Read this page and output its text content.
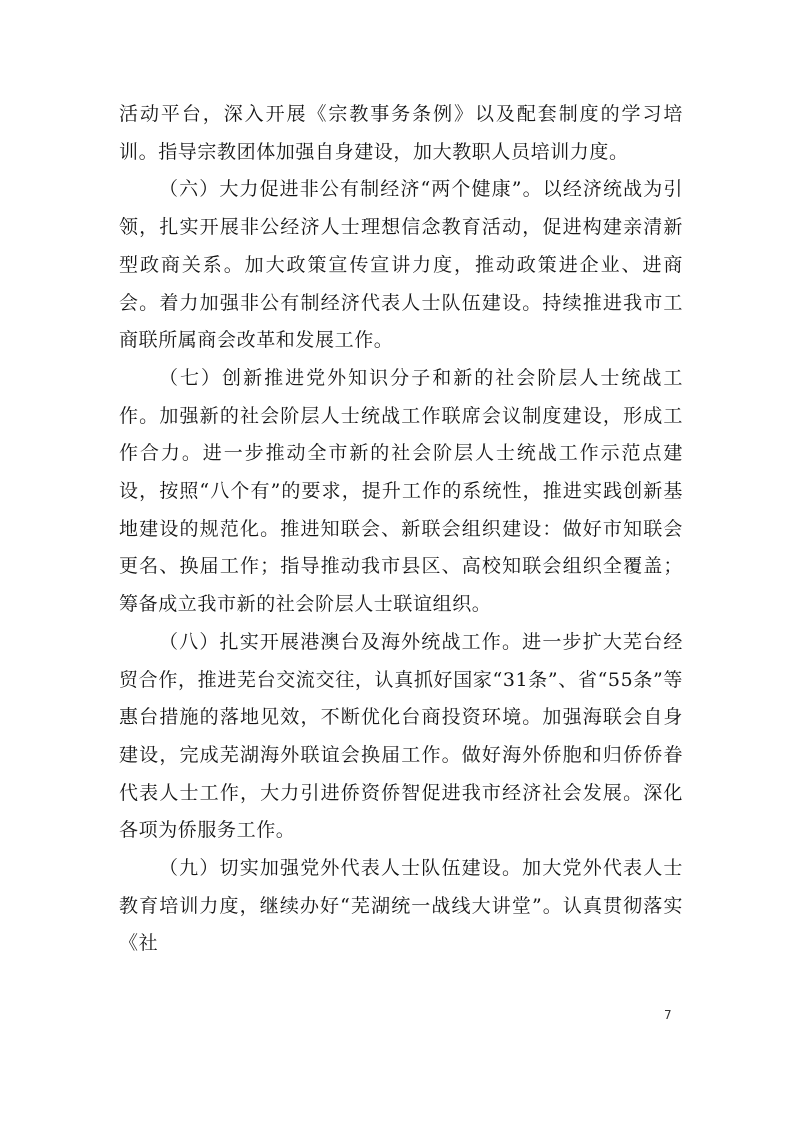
活动平台，深入开展《宗教事务条例》以及配套制度的学习培训。指导宗教团体加强自身建设，加大教职人员培训力度。

（六）大力促进非公有制经济“两个健康”。以经济统战为引领，扎实开展非公经济人士理想信念教育活动，促进构建亲清新型政商关系。加大政策宣传宣讲力度，推动政策进企业、进商会。着力加强非公有制经济代表人士队伍建设。持续推进我市工商联所属商会改革和发展工作。

（七）创新推进党外知识分子和新的社会阶层人士统战工作。加强新的社会阶层人士统战工作联席会议制度建设，形成工作合力。进一步推动全市新的社会阶层人士统战工作示范点建设，按照“八个有”的要求，提升工作的系统性，推进实践创新基地建设的规范化。推进知联会、新联会组织建设：做好市知联会更名、换届工作；指导推动我市县区、高校知联会组织全覆盖；筹备成立我市新的社会阶层人士联谊组织。

（八）扎实开展港澳台及海外统战工作。进一步扩大芜台经贸合作，推进芜台交流交往，认真抓好国家“31条”、省“55条”等惠台措施的落地见效，不断优化台商投资环境。加强海联会自身建设，完成芜湖海外联谊会换届工作。做好海外侨胞和归侨侨眷代表人士工作，大力引进侨资侨智促进我市经济社会发展。深化各项为侨服务工作。

（九）切实加强党外代表人士队伍建设。加大党外代表人士教育培训力度，继续办好“芜湖统一战线大讲堂”。认真贯彻落实《社

7
